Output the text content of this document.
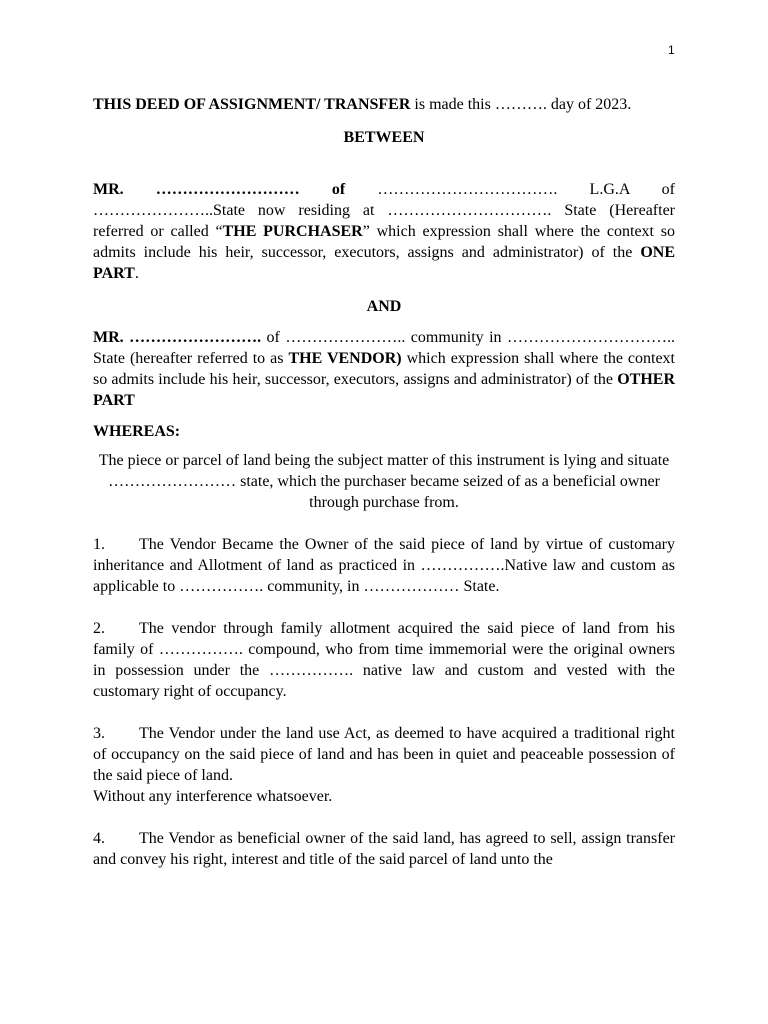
1

THIS DEED OF ASSIGNMENT/ TRANSFER is made this ………. day of 2023.

BETWEEN

MR. ……………………… of ……………………………. L.G.A of …………………..State now residing at …………………………. State (Hereafter referred or called “THE PURCHASER” which expression shall where the context so admits include his heir, successor, executors, assigns and administrator) of the ONE PART.

AND

MR. ……………………. of ………………….. community in ………………………….. State (hereafter referred to as THE VENDOR) which expression shall where the context so admits include his heir, successor, executors, assigns and administrator) of the OTHER PART

WHEREAS:

The piece or parcel of land being the subject matter of this instrument is lying and situate …………………… state, which the purchaser became seized of as a beneficial owner through purchase from.

1. The Vendor Became the Owner of the said piece of land by virtue of customary inheritance and Allotment of land as practiced in …………….Native law and custom as applicable to ……………. community, in ……………… State.

2. The vendor through family allotment acquired the said piece of land from his family of ……………. compound, who from time immemorial were the original owners in possession under the ……………. native law and custom and vested with the customary right of occupancy.

3. The Vendor under the land use Act, as deemed to have acquired a traditional right of occupancy on the said piece of land and has been in quiet and peaceable possession of the said piece of land.

Without any interference whatsoever.

4. The Vendor as beneficial owner of the said land, has agreed to sell, assign transfer and convey his right, interest and title of the said parcel of land unto the
